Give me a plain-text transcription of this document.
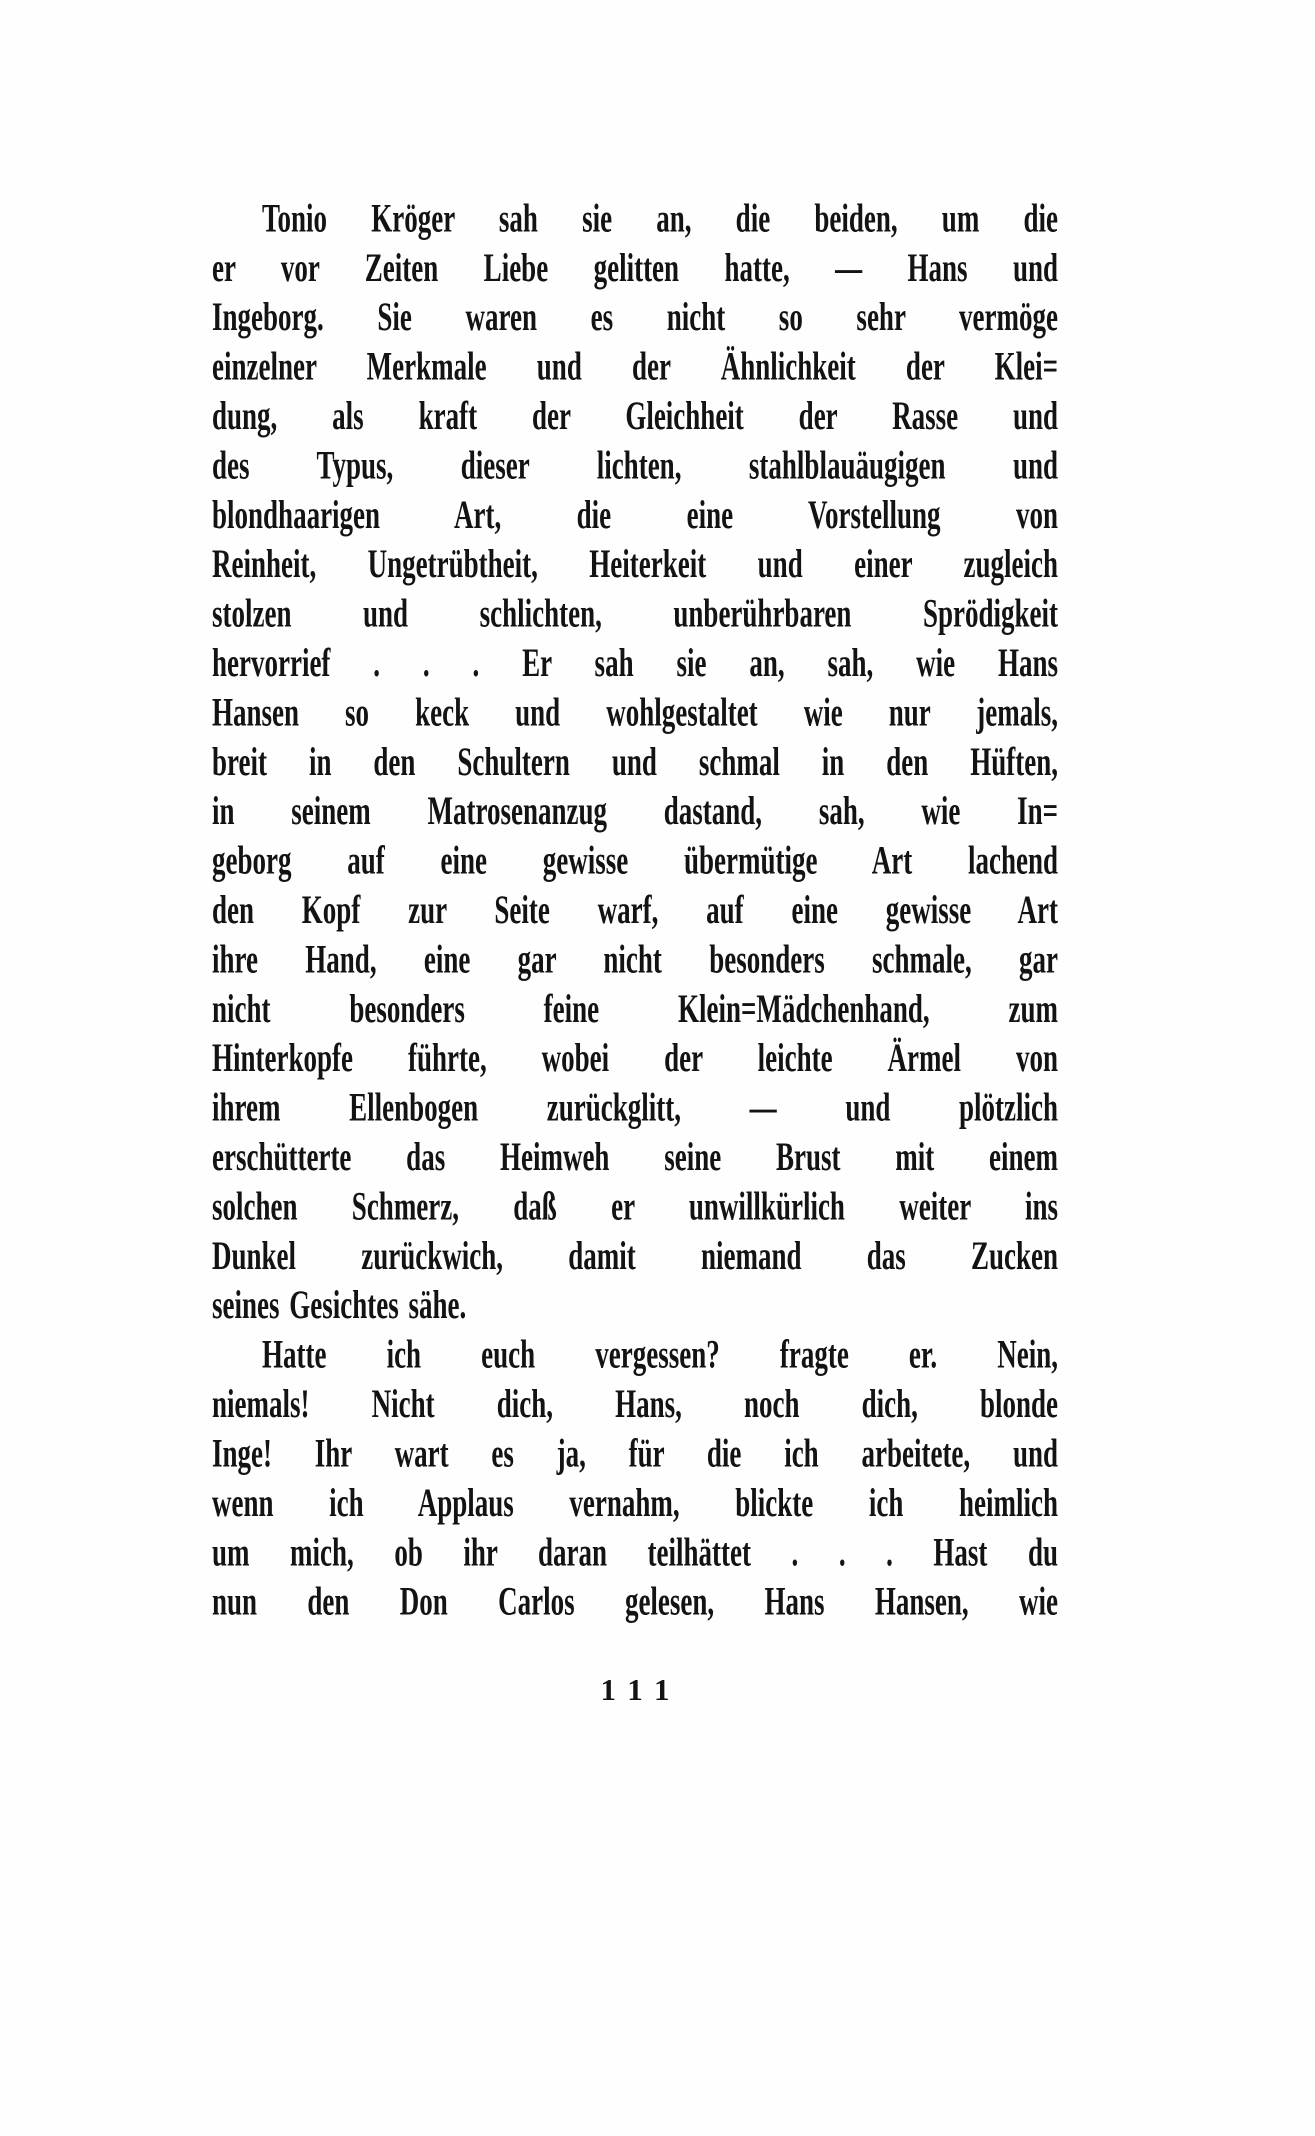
Tonio Kröger sah sie an, die beiden, um die
er vor Zeiten Liebe gelitten hatte, — Hans und
Ingeborg. Sie waren es nicht so sehr vermöge
einzelner Merkmale und der Ähnlichkeit der Klei=
dung, als kraft der Gleichheit der Rasse und
des Typus, dieser lichten, stahlblauäugigen und
blondhaarigen Art, die eine Vorstellung von
Reinheit, Ungetrübtheit, Heiterkeit und einer zugleich
stolzen und schlichten, unberührbaren Sprödigkeit
hervorrief . . . Er sah sie an, sah, wie Hans
Hansen so keck und wohlgestaltet wie nur jemals,
breit in den Schultern und schmal in den Hüften,
in seinem Matrosenanzug dastand, sah, wie In=
geborg auf eine gewisse übermütige Art lachend
den Kopf zur Seite warf, auf eine gewisse Art
ihre Hand, eine gar nicht besonders schmale, gar
nicht besonders feine Klein=Mädchenhand, zum
Hinterkopfe führte, wobei der leichte Ärmel von
ihrem Ellenbogen zurückglitt, — und plötzlich
erschütterte das Heimweh seine Brust mit einem
solchen Schmerz, daß er unwillkürlich weiter ins
Dunkel zurückwich, damit niemand das Zucken
seines Gesichtes sähe.
Hatte ich euch vergessen? fragte er. Nein,
niemals! Nicht dich, Hans, noch dich, blonde
Inge! Ihr wart es ja, für die ich arbeitete, und
wenn ich Applaus vernahm, blickte ich heimlich
um mich, ob ihr daran teilhättet . . . Hast du
nun den Don Carlos gelesen, Hans Hansen, wie
111
